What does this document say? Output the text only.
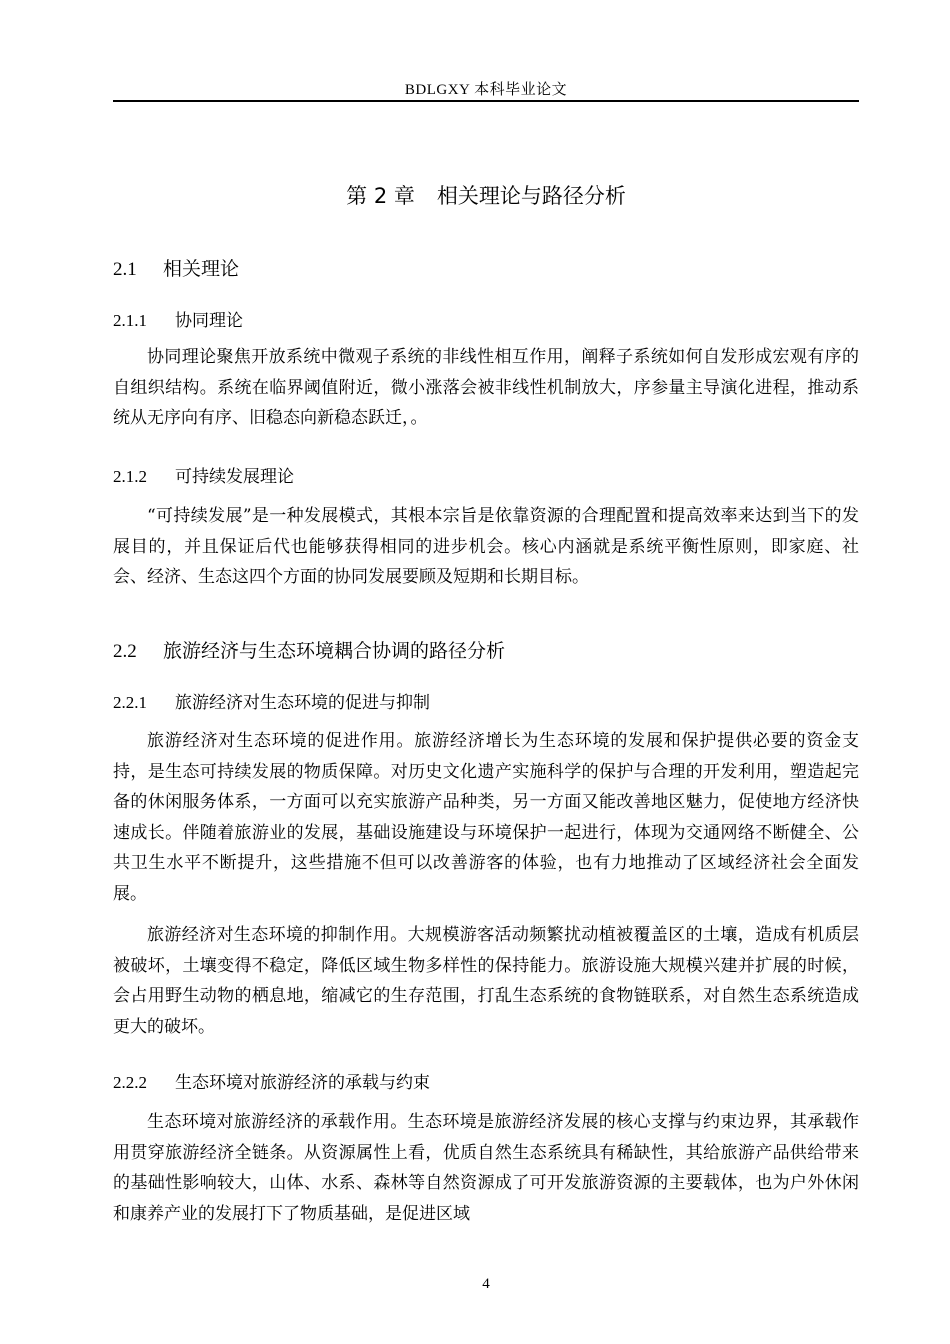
BDLGXY 本科毕业论文
第 2 章 相关理论与路径分析
2.1 相关理论
2.1.1 协同理论

协同理论聚焦开放系统中微观子系统的非线性相互作用，阐释子系统如何自发形成宏观有序的自组织结构。系统在临界阈值附近，微小涨落会被非线性机制放大，序参量主导演化进程，推动系统从无序向有序、旧稳态向新稳态跃迁，。

2.1.2 可持续发展理论

“可持续发展”是一种发展模式，其根本宗旨是依靠资源的合理配置和提高效率来达到当下的发展目的，并且保证后代也能够获得相同的进步机会。核心内涵就是系统平衡性原则，即家庭、社会、经济、生态这四个方面的协同发展要顾及短期和长期目标。

2.2 旅游经济与生态环境耦合协调的路径分析
2.2.1 旅游经济对生态环境的促进与抑制

旅游经济对生态环境的促进作用。旅游经济增长为生态环境的发展和保护提供必要的资金支持，是生态可持续发展的物质保障。对历史文化遗产实施科学的保护与合理的开发利用，塑造起完备的休闲服务体系，一方面可以充实旅游产品种类，另一方面又能改善地区魅力，促使地方经济快速成长。伴随着旅游业的发展，基础设施建设与环境保护一起进行，体现为交通网络不断健全、公共卫生水平不断提升，这些措施不但可以改善游客的体验，也有力地推动了区域经济社会全面发展。

旅游经济对生态环境的抑制作用。大规模游客活动频繁扰动植被覆盖区的土壤，造成有机质层被破坏，土壤变得不稳定，降低区域生物多样性的保持能力。旅游设施大规模兴建并扩展的时候，会占用野生动物的栖息地，缩减它的生存范围，打乱生态系统的食物链联系，对自然生态系统造成更大的破坏。

2.2.2 生态环境对旅游经济的承载与约束

生态环境对旅游经济的承载作用。生态环境是旅游经济发展的核心支撑与约束边界，其承载作用贯穿旅游经济全链条。从资源属性上看，优质自然生态系统具有稀缺性，其给旅游产品供给带来的基础性影响较大，山体、水系、森林等自然资源成了可开发旅游资源的主要载体，也为户外休闲和康养产业的发展打下了物质基础，是促进区域

4
